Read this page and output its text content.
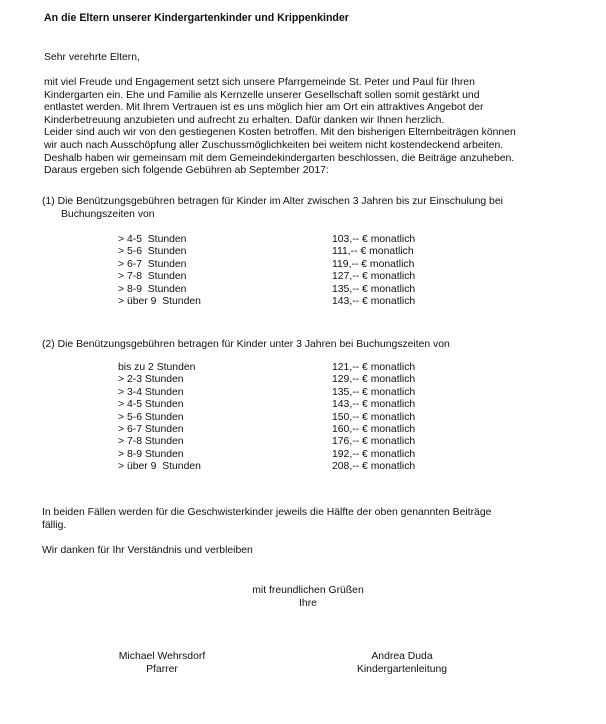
An die Eltern unserer Kindergartenkinder und Krippenkinder
Sehr verehrte Eltern,

mit viel Freude und Engagement setzt sich unsere Pfarrgemeinde St. Peter und Paul für Ihren

Kindergarten ein. Ehe und Familie als Kernzelle unserer Gesellschaft sollen somit gestärkt und

entlastet werden. Mit Ihrem Vertrauen ist es uns möglich hier am Ort ein attraktives Angebot der

Kinderbetreuung anzubieten und aufrecht zu erhalten. Dafür danken wir Ihnen herzlich.

Leider sind auch wir von den gestiegenen Kosten betroffen. Mit den bisherigen Elternbeiträgen können

wir auch nach Ausschöpfung aller Zuschussmöglichkeiten bei weitem nicht kostendeckend arbeiten.

Deshalb haben wir gemeinsam mit dem Gemeindekindergarten beschlossen, die Beiträge anzuheben.

Daraus ergeben sich folgende Gebühren ab September 2017:

(1) Die Benützungsgebühren betragen für Kinder im Alter zwischen 3 Jahren bis zur Einschulung bei
Buchungszeiten von
> 4-5  Stunden	103,-- € monatlich
> 5-6  Stunden	111,-- € monatlich
> 6-7  Stunden	119,-- € monatlich
> 7-8  Stunden	127,-- € monatlich
> 8-9  Stunden	135,-- € monatlich
> über 9  Stunden	143,-- € monatlich
(2) Die Benützungsgebühren betragen für Kinder unter 3 Jahren bei Buchungszeiten von
bis zu 2 Stunden	121,-- € monatlich
> 2-3 Stunden	129,-- € monatlich
> 3-4 Stunden	135,-- € monatlich
> 4-5 Stunden	143,-- € monatlich
> 5-6 Stunden	150,-- € monatlich
> 6-7 Stunden	160,-- € monatlich
> 7-8 Stunden	176,-- € monatlich
> 8-9 Stunden	192,-- € monatlich
> über 9  Stunden	208,-- € monatlich
In beiden Fällen werden für die Geschwisterkinder jeweils die Hälfte der oben genannten Beiträge
fällig.
Wir danken für Ihr Verständnis und verbleiben
mit freundlichen Grüßen
Ihre
Michael Wehrsdorf
Pfarrer
Andrea Duda
Kindergartenleitung
